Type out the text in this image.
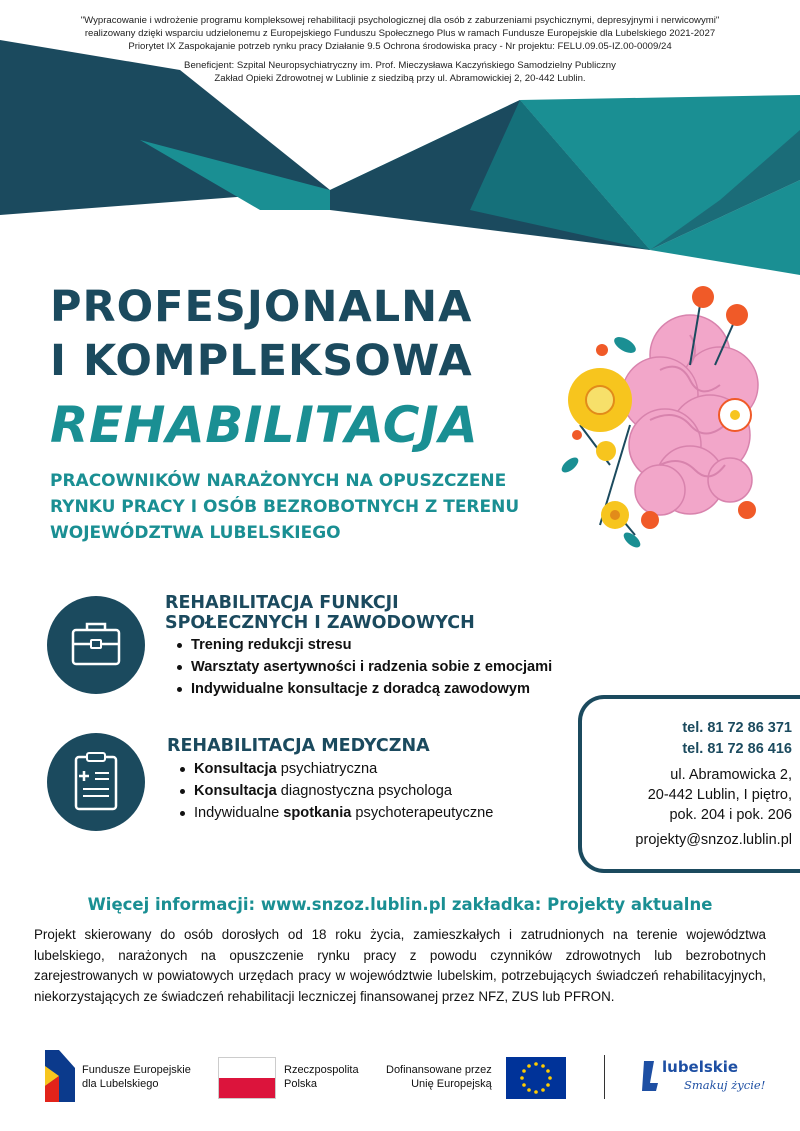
"Wypracowanie i wdrożenie programu kompleksowej rehabilitacji psychologicznej dla osób z zaburzeniami psychicznymi, depresyjnymi i nerwicowymi"
realizowany dzięki wsparciu udzielonemu z Europejskiego Funduszu Społecznego Plus w ramach Fundusze Europejskie dla Lubelskiego 2021-2027
Priorytet IX Zaspokajanie potrzeb rynku pracy Działanie 9.5 Ochrona środowiska pracy - Nr projektu: FELU.09.05-IZ.00-0009/24
Beneficjent: Szpital Neuropsychiatryczny im. Prof. Mieczysława Kaczyńskiego Samodzielny Publiczny
Zakład Opieki Zdrowotnej w Lublinie z siedzibą przy ul. Abramowickiej 2, 20-442 Lublin.
PROFESJONALNA
I KOMPLEKSOWA
REHABILITACJA
PRACOWNIKÓW NARAŻONYCH NA OPUSZCZENE
RYNKU PRACY I OSÓB BEZROBOTNYCH Z TERENU
WOJEWÓDZTWA LUBELSKIEGO
REHABILITACJA FUNKCJI
SPOŁECZNYCH I ZAWODOWYCH
Trening redukcji stresu
Warsztaty asertywności i radzenia sobie z emocjami
Indywidualne konsultacje z doradcą zawodowym
REHABILITACJA MEDYCZNA
Konsultacja psychiatryczna
Konsultacja diagnostyczna psychologa
Indywidualne spotkania psychoterapeutyczne
tel. 81 72 86 371
tel. 81 72 86 416
ul. Abramowicka 2,
20-442 Lublin, I piętro,
pok. 204 i pok. 206
projekty@snzoz.lublin.pl
Więcej informacji: www.snzoz.lublin.pl zakładka: Projekty aktualne
Projekt skierowany do osób dorosłych od 18 roku życia, zamieszkałych i zatrudnionych na terenie województwa lubelskiego, narażonych na opuszczenie rynku pracy z powodu czynników zdrowotnych lub bezrobotnych zarejestrowanych w powiatowych urzędach pracy w województwie lubelskim, potrzebujących świadczeń rehabilitacyjnych, niekorzystających ze świadczeń rehabilitacji leczniczej finansowanej przez NFZ, ZUS lub PFRON.
Fundusze Europejskie
dla Lubelskiego
Rzeczpospolita
Polska
Dofinansowane przez
Unię Europejską
lubelskie
Smakuj życie!
